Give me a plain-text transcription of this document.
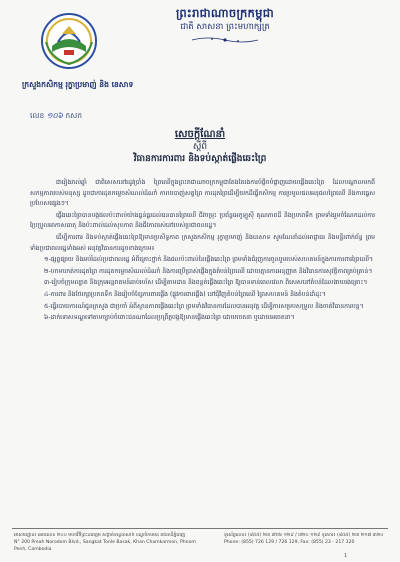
ព្រះរាជាណាចក្រកម្ពុជា
ជាតិ សាសនា ព្រះមហាក្សត្រ
ក្រសួងកសិកម្ម រុក្ខាប្រមាញ់ និង នេសាទ
លេខ ១០៦ កសក
សេចក្តីណែនាំ
ស្តីពី
វិធានការការពារ និងទប់ស្កាត់ផ្លើងឆេះព្រៃ

ជារៀងរាល់ឆ្នាំ ជាពិសេសនៅរដូវប្រាំង ព្រៃឈើក្នុងព្រះរាជាណាចក្រកម្ពុជាតែងតែរងការបំផ្លិចបំផ្លាញដោយផ្លើងឆេះព្រៃ ដែលបណ្តាលមកពីសកម្មភាពរបស់មនុស្ស ដូចជាការដុតកម្ទេចសំណល់ដំណាំ ការបរបាញ់សត្វព្រៃ ការដុតព្រៃដើម្បីយកដីធ្វើកសិកម្ម ការប្រមូលផលអនុផលព្រៃឈើ និងការធ្វេសប្រហែសផ្សេងៗ។

ផ្លើងឆេះព្រៃបានបង្កផលប៉ះពាល់យ៉ាងធ្ងន់ធ្ងរដល់ធនធានព្រៃឈើ ជីវចម្រុះ ប្រព័ន្ធអេកូឡូស៊ី គុណភាពដី និងប្រភពទឹក ព្រមទាំងរួមចំណែកដល់ការប្រែប្រួលអាកាសធាតុ និងប៉ះពាល់ដល់សុខភាព និងជីវភាពរស់នៅរបស់ប្រជាពលរដ្ឋ។

ដើម្បីការពារ និងទប់ស្កាត់ផ្លើងឆេះព្រៃឱ្យមានប្រសិទ្ធភាព ក្រសួងកសិកម្ម រុក្ខាប្រមាញ់ និងនេសាទ សូមណែនាំដល់អាជ្ញាធរ និងមន្ទីរពាក់ព័ន្ធ ព្រមទាំងប្រជាពលរដ្ឋទាំងអស់ អនុវត្តវិធានការដូចខាងក្រោម៖

១-ផ្សព្វផ្សាយ និងអប់រំដល់ប្រជាពលរដ្ឋ អំពីគ្រោះថ្នាក់ និងផលប៉ះពាល់នៃផ្លើងឆេះព្រៃ ព្រមទាំងជំរុញការចូលរួមរបស់សហគមន៍ក្នុងការការពារព្រៃឈើ។

២-ហាមឃាត់ការដុតព្រៃ ការដុតកម្ទេចសំណល់ដំណាំ និងការប្រើប្រាស់ផ្លើងក្នុងតំបន់ព្រៃឈើ ដោយគ្មានការអនុញ្ញាត និងវិធានការសុវត្ថិភាពគ្រប់គ្រាន់។

៣-រៀបចំក្រុមល្បាត និងក្រុមអន្តរាគមន៍ឆាប់រហ័ស ដើម្បីតាមដាន និងពន្លត់ផ្លើងឆេះព្រៃ ឱ្យបានទាន់ពេលវេលា ពិសេសនៅតំបន់ដែលងាយរងគ្រោះ។

៤-ការពារ និងថែរក្សាប្រភពទឹក និងរៀបចំខ្សែការពារផ្លើង (ផ្លូវការពារផ្លើង) នៅជុំវិញតំបន់ព្រៃឈើ ព្រៃសហគមន៍ និងតំបន់ដាំដុះ។

៥-ធ្វើរបាយការណ៍ជូនក្រសួង ជាប្រចាំ អំពីស្ថានភាពផ្លើងឆេះព្រៃ ព្រមទាំងវិធានការដែលបានអនុវត្ត ដើម្បីការសម្របសម្រួល និងចាត់វិធានការបន្ត។

៦-ដាក់ទោសទណ្ឌទៅតាមច្បាប់ចំពោះជនណាដែលប្រព្រឹត្តបង្កឱ្យមានផ្លើងឆេះព្រៃ ដោយចេតនា ឬដោយអចេតនា។

អាសយដ្ឋាន៖ អគារលេខ ២០០ មហាវិថីព្រះនរោត្តម សង្កាត់ទន្លេបាសាក់ ខណ្ឌចំការមន រាជធានីភ្នំពេញ
N° 200 Preah Norodom Blvd., Sangkat Tonle Basak, Khan Chamkarmon, Phnom Penh, Cambodia
ទូរស័ព្ទលេខ៖ (៨៥៥) ២៣ ៧២៦ ១២៩ / ៧២០ ១២៩ ទូរសារ៖ (៨៥៥) ២៣ ២១៧ ៣២០
Phone: (855) 726 129 / 726 129, Fax: (855) 23 - 217 320
1
